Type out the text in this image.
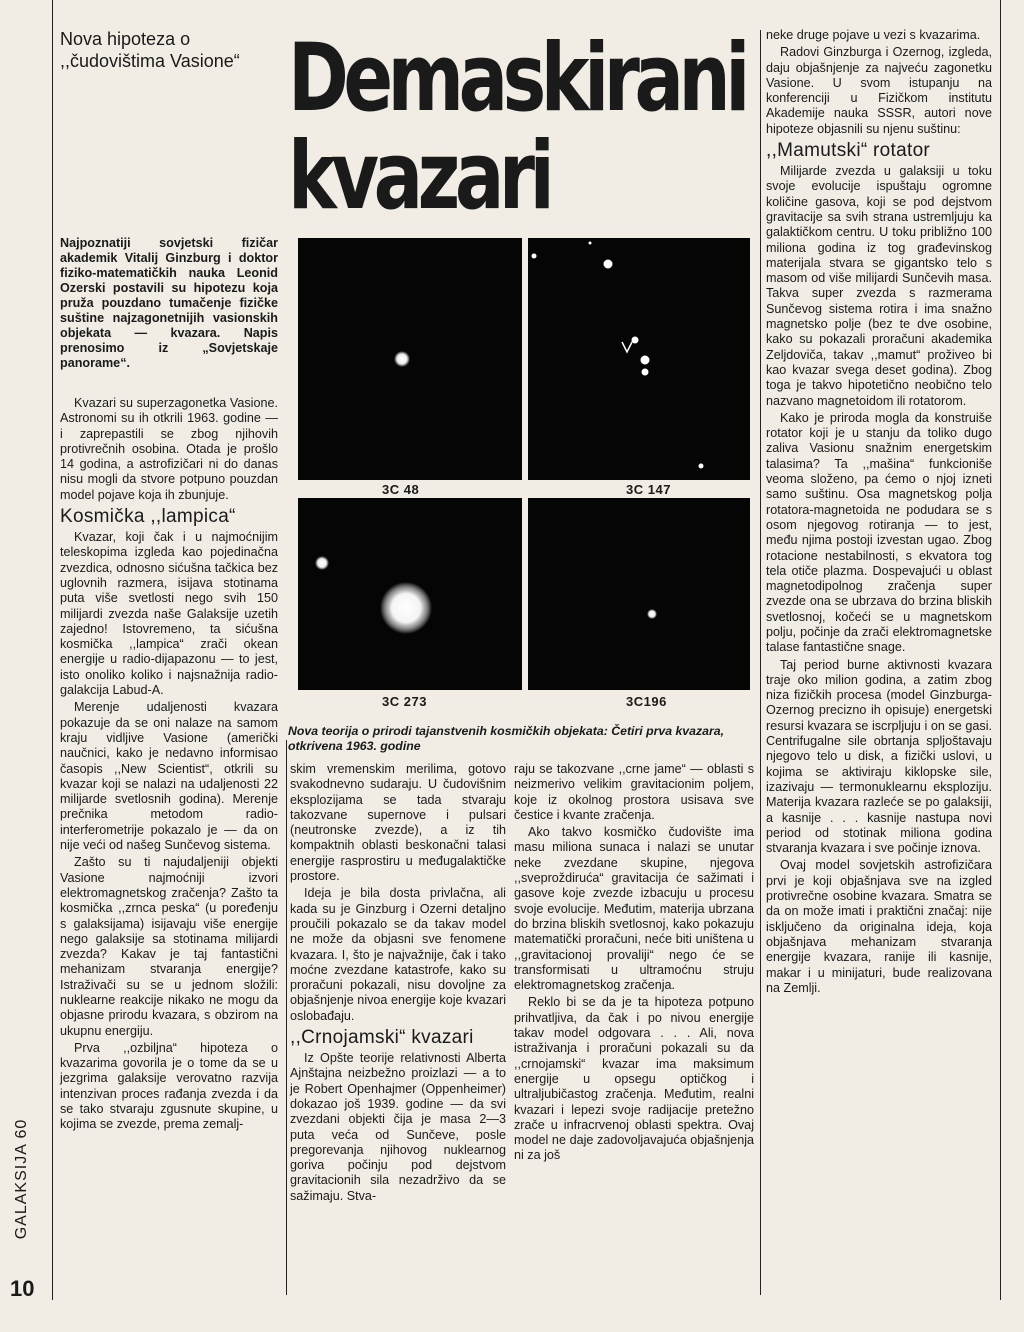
Nova hipoteza o
,,čudovištima Vasione“ Demaskirani
kvazari
Najpoznatiji sovjetski fizičar akademik Vitalij Ginzburg i doktor fiziko-matematičkih nauka Leonid Ozerski postavili su hipotezu koja pruža pouzdano tumačenje fizičke suštine najzagonetnijih vasionskih objekata — kvazara. Napis prenosimo iz „Sovjetskaje panorame“.
3C 48	3C 147
3C 273	3C196
Nova teorija o prirodi tajanstvenih kosmičkih objekata: Četiri prva kvazara, otkrivena 1963. godine

Kvazari su superzagonetka Vasione. Astronomi su ih otkrili 1963. godine — i zaprepastili se zbog njihovih protivrečnih osobina. Otada je prošlo 14 godina, a astrofizičari ni do danas nisu mogli da stvore potpuno pouzdan model pojave koja ih zbunjuje.

Kosmička ,,lampica“

Kvazar, koji čak i u najmoćnijim teleskopima izgleda kao pojedinačna zvezdica, odnosno sićušna tačkica bez uglovnih razmera, isijava stotinama puta više svetlosti nego svih 150 milijardi zvezda naše Galaksije uzetih zajedno! Istovremeno, ta sićušna kosmička ,,lampica“ zrači okean energije u radio-dijapazonu — to jest, isto onoliko koliko i najsnažnija radio-galakcija Labud-A.

Merenje udaljenosti kvazara pokazuje da se oni nalaze na samom kraju vidljive Vasione (američki naučnici, kako je nedavno informisao časopis ,,New Scientist“, otkrili su kvazar koji se nalazi na udaljenosti 22 milijarde svetlosnih godina). Merenje prečnika metodom radio-interferometrije pokazalo je — da on nije veći od našeg Sunčevog sistema.

Zašto su ti najudaljeniji objekti Vasione najmoćniji izvori elektromagnetskog zračenja? Zašto ta kosmička ,,zrnca peska“ (u poređenju s galaksijama) isijavaju više energije nego galaksije sa stotinama milijardi zvezda? Kakav je taj fantastični mehanizam stvaranja energije? Istraživači su se u jednom složili: nuklearne reakcije nikako ne mogu da objasne prirodu kvazara, s obzirom na ukupnu energiju.

Prva ,,ozbiljna“ hipoteza o kvazarima govorila je o tome da se u jezgrima galaksije verovatno razvija intenzivan proces rađanja zvezda i da se tako stvaraju zgusnute skupine, u kojima se zvezde, prema zemalj-

skim vremenskim merilima, gotovo svakodnevno sudaraju. U čudovišnim eksplozijama se tada stvaraju takozvane supernove i pulsari (neutronske zvezde), a iz tih kompaktnih oblasti beskonačni talasi energije rasprostiru u međugalaktičke prostore.

Ideja je bila dosta privlačna, ali kada su je Ginzburg i Ozerni detaljno proučili pokazalo se da takav model ne može da objasni sve fenomene kvazara. I, što je najvažnije, čak i tako moćne zvezdane katastrofe, kako su proračuni pokazali, nisu dovoljne za objašnjenje nivoa energije koje kvazari oslobađaju.

,,Crnojamski“ kvazari

Iz Opšte teorije relativnosti Alberta Ajnštajna neizbežno proizlazi — a to je Robert Openhajmer (Oppenheimer) dokazao još 1939. godine — da svi zvezdani objekti čija je masa 2—3 puta veća od Sunčeve, posle pregorevanja njihovog nuklearnog goriva počinju pod dejstvom gravitacionih sila nezadrživo da se sažimaju. Stva-

raju se takozvane ,,crne jame“ — oblasti s neizmerivo velikim gravitacionim poljem, koje iz okolnog prostora usisava sve čestice i kvante zračenja.

Ako takvo kosmičko čudovište ima masu miliona sunaca i nalazi se unutar neke zvezdane skupine, njegova ,,sveproždiruća“ gravitacija će sažimati i gasove koje zvezde izbacuju u procesu svoje evolucije. Međutim, materija ubrzana do brzina bliskih svetlosnoj, kako pokazuju matematički proračuni, neće biti uništena u ,,gravitacionoj provaliji“ nego će se transformisati u ultramoćnu struju elektromagnetskog zračenja.

Reklo bi se da je ta hipoteza potpuno prihvatljiva, da čak i po nivou energije takav model odgovara . . . Ali, nova istraživanja i proračuni pokazali su da ,,crnojamski“ kvazar ima maksimum energije u opsegu optičkog i ultraljubičastog zračenja. Međutim, realni kvazari i lepezi svoje radijacije pretežno zrače u infracrvenoj oblasti spektra. Ovaj model ne daje zadovoljavajuća objašnjenja ni za još

neke druge pojave u vezi s kvazarima.

Radovi Ginzburga i Ozernog, izgleda, daju objašnjenje za najveću zagonetku Vasione. U svom istupanju na konferenciji u Fizičkom institutu Akademije nauka SSSR, autori nove hipoteze objasnili su njenu suštinu:

,,Mamutski“ rotator

Milijarde zvezda u galaksiji u toku svoje evolucije ispuštaju ogromne količine gasova, koji se pod dejstvom gravitacije sa svih strana ustremljuju ka galaktičkom centru. U toku približno 100 miliona godina iz tog građevinskog materijala stvara se gigantsko telo s masom od više milijardi Sunčevih masa. Takva super zvezda s razmerama Sunčevog sistema rotira i ima snažno magnetsko polje (bez te dve osobine, kako su pokazali proračuni akademika Zeljdoviča, takav ,,mamut“ proživeo bi kao kvazar svega deset godina). Zbog toga je takvo hipotetično neobično telo nazvano magnetoidom ili rotatorom.

Kako je priroda mogla da konstruiše rotator koji je u stanju da toliko dugo zaliva Vasionu snažnim energetskim talasima? Ta ,,mašina“ funkcioniše veoma složeno, pa ćemo o njoj izneti samo suštinu. Osa magnetskog polja rotatora-magnetoida ne podudara se s osom njegovog rotiranja — to jest, među njima postoji izvestan ugao. Zbog rotacione nestabilnosti, s ekvatora tog tela otiče plazma. Dospevajući u oblast magnetodipolnog zračenja super zvezde ona se ubrzava do brzina bliskih svetlosnoj, kočeći se u magnetskom polju, počinje da zrači elektromagnetske talase fantastične snage.

Taj period burne aktivnosti kvazara traje oko milion godina, a zatim zbog niza fizičkih procesa (model Ginzburga-Ozernog precizno ih opisuje) energetski resursi kvazara se iscrpljuju i on se gasi. Centrifugalne sile obrtanja spljoštavaju njegovo telo u disk, a fizički uslovi, u kojima se aktiviraju kiklopske sile, izazivaju — termonuklearnu eksploziju. Materija kvazara razleće se po galaksiji, a kasnije . . . kasnije nastupa novi period od stotinak miliona godina stvaranja kvazara i sve počinje iznova.

Ovaj model sovjetskih astrofizičara prvi je koji objašnjava sve na izgled protivrečne osobine kvazara. Smatra se da on može imati i praktični značaj: nije isključeno da originalna ideja, koja objašnjava mehanizam stvaranja energije kvazara, ranije ili kasnije, makar i u minijaturi, bude realizovana na Zemlji.

GALAKSIJA 60
10
